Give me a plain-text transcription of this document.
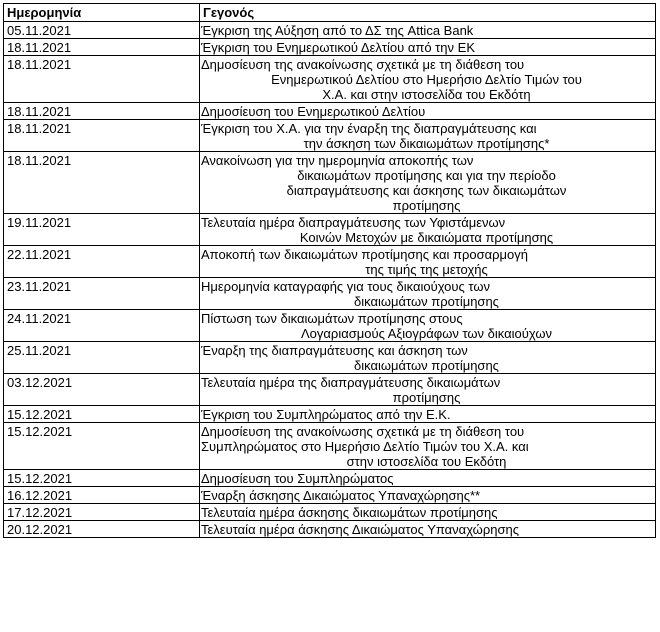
Ημερομηνία	Γεγονός
05.11.2021	Έγκριση της Αύξηση από το ΔΣ της Attica Bank

18.11.2021	Έγκριση του Ενημερωτικού Δελτίου από την ΕΚ

18.11.2021	Δημοσίευση της ανακοίνωσης σχετικά με τη διάθεση του
Ενημερωτικού Δελτίου στο Ημερήσιο Δελτίο Τιμών του
Χ.Α. και στην ιστοσελίδα του Εκδότη

18.11.2021	Δημοσίευση του Ενημερωτικού Δελτίου

18.11.2021	Έγκριση του Χ.Α. για την έναρξη της διαπραγμάτευσης και
την άσκηση των δικαιωμάτων προτίμησης*

18.11.2021	Ανακοίνωση για την ημερομηνία αποκοπής των
δικαιωμάτων προτίμησης και για την περίοδο
διαπραγμάτευσης και άσκησης των δικαιωμάτων
προτίμησης

19.11.2021	Τελευταία ημέρα διαπραγμάτευσης των Υφιστάμενων
Κοινών Μετοχών με δικαιώματα προτίμησης

22.11.2021	Αποκοπή των δικαιωμάτων προτίμησης και προσαρμογή
της τιμής της μετοχής

23.11.2021	Ημερομηνία καταγραφής για τους δικαιούχους των
δικαιωμάτων προτίμησης

24.11.2021	Πίστωση των δικαιωμάτων προτίμησης στους
Λογαριασμούς Αξιογράφων των δικαιούχων

25.11.2021	Έναρξη της διαπραγμάτευσης και άσκηση των
δικαιωμάτων προτίμησης

03.12.2021	Τελευταία ημέρα της διαπραγμάτευσης δικαιωμάτων
προτίμησης

15.12.2021	Έγκριση του Συμπληρώματος από την Ε.Κ.

15.12.2021	Δημοσίευση της ανακοίνωσης σχετικά με τη διάθεση του
Συμπληρώματος στο Ημερήσιο Δελτίο Τιμών του Χ.Α. και
στην ιστοσελίδα του Εκδότη

15.12.2021	Δημοσίευση του Συμπληρώματος

16.12.2021	Έναρξη άσκησης Δικαιώματος Υπαναχώρησης**

17.12.2021	Τελευταία ημέρα άσκησης δικαιωμάτων προτίμησης

20.12.2021	Τελευταία ημέρα άσκησης Δικαιώματος Υπαναχώρησης
